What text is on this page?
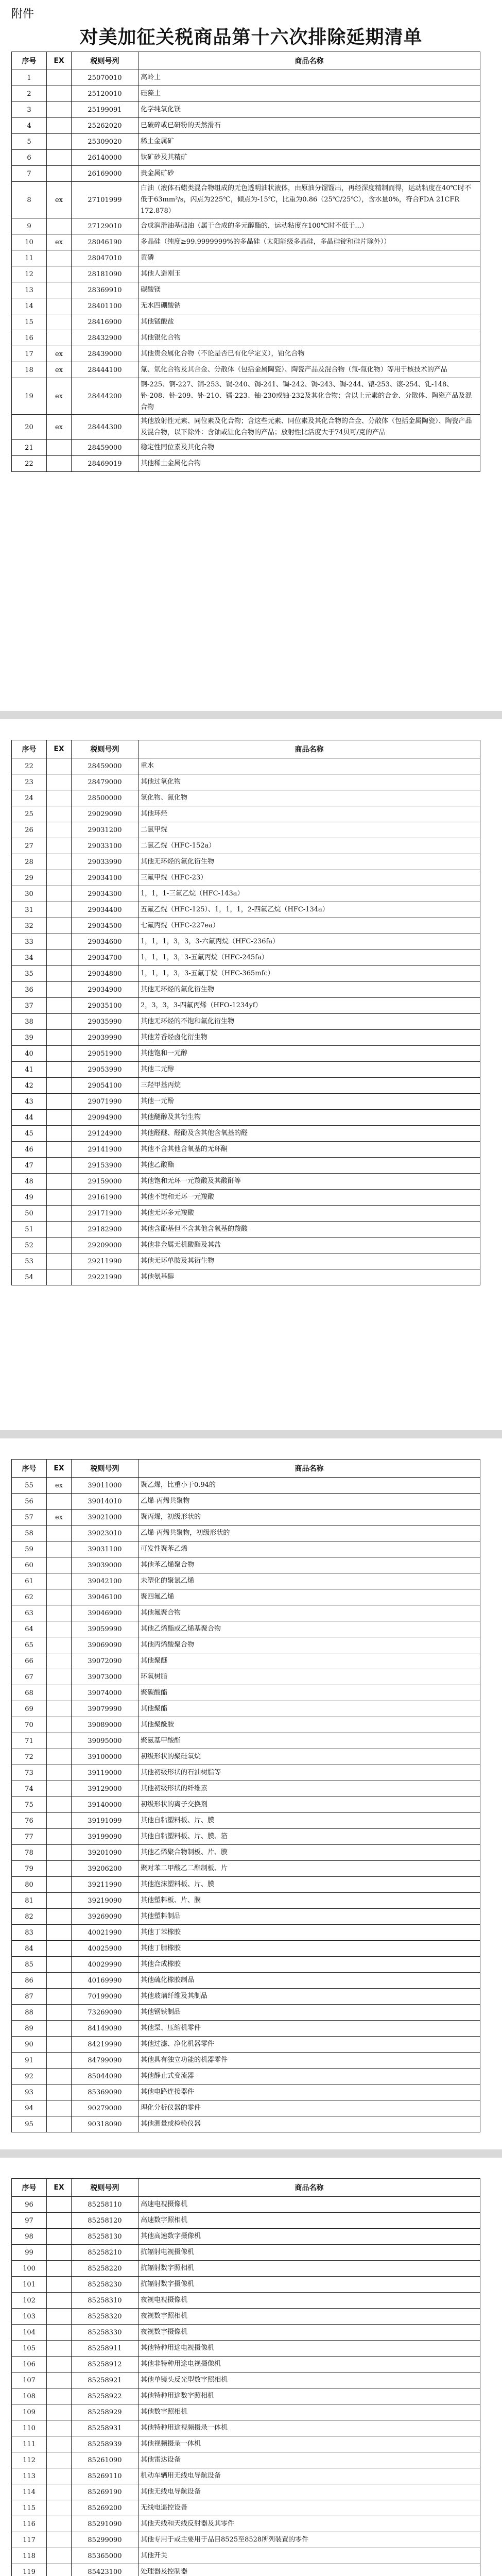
附件
对美加征关税商品第十六次排除延期清单
序号	EX	税则号列	商品名称
1		25070010	高岭土
2		25120010	硅藻土
3		25199091	化学纯氧化镁
4		25262020	已破碎或已研粉的天然滑石
5		25309020	稀土金属矿
6		26140000	钛矿砂及其精矿
7		26169000	贵金属矿砂
8	ex	27101999	白油（液体石蜡类混合物组成的无色透明油状液体，由原油分馏馏出，再经深度精制而得，运动粘度在40℃时不低于63mm²/s，闪点为225℃，倾点为-15℃，比重为0.86（25℃/25℃），含水量0%，符合FDA 21CFR 172.878）
9		27129010	合成润滑油基础油（属于合成的多元醇酯的，运动粘度在100℃时不低于...）
10	ex	28046190	多晶硅（纯度≥99.9999999%的多晶硅（太阳能级多晶硅，多晶硅锭和硅片除外））
11		28047010	黄磷
12		28181090	其他人造刚玉
13		28369910	碳酸镁
14		28401100	无水四硼酸钠
15		28416900	其他锰酸盐
16		28432900	其他银化合物
17	ex	28439000	其他贵金属化合物（不论是否已有化学定义），铂化合物
18	ex	28444100	氚、氚化合物及其合金、分散体（包括金属陶瓷）、陶瓷产品及混合物（氚-氚化物）等用于核技术的产品
19	ex	28444200	锕-225、锕-227、锎-253、锔-240、锔-241、锔-242、锔-243、锔-244、锿-253、锿-254、钆-148、钋-208、钋-209、钋-210、镭-223、铀-230或铀-232及其化合物；含以上元素的合金、分散体、陶瓷产品及混合物
20	ex	28444300	其他放射性元素、同位素及化合物；含这些元素、同位素及其化合物的合金、分散体（包括金属陶瓷）、陶瓷产品及混合物，以下除外：含铀或钍化合物的产品；放射性比活度大于74贝可/克的产品
21		28459000	稳定性同位素及其化合物
22		28469019	其他稀土金属化合物
序号	EX	税则号列	商品名称
22		28459000	重水
23		28479000	其他过氧化物
24		28500000	氢化物、氮化物
25		29029090	其他环烃
26		29031200	二氯甲烷
27		29033100	二氯乙烷（HFC-152a）
28		29033990	其他无环烃的氟化衍生物
29		29034100	三氟甲烷（HFC-23）
30		29034300	1，1，1-三氟乙烷（HFC-143a）
31		29034400	五氟乙烷（HFC-125）、1，1，1，2-四氟乙烷（HFC-134a）
32		29034500	七氟丙烷（HFC-227ea）
33		29034600	1，1，1，3，3，3-六氟丙烷（HFC-236fa）
34		29034700	1，1，1，3，3-五氟丙烷（HFC-245fa）
35		29034800	1，1，1，3，3-五氟丁烷（HFC-365mfc）
36		29034900	其他无环烃的氟化衍生物
37		29035100	2，3，3，3-四氟丙烯（HFO-1234yf）
38		29035990	其他无环烃的不饱和氟化衍生物
39		29039990	其他芳香烃卤化衍生物
40		29051900	其他饱和一元醇
41		29053990	其他二元醇
42		29054100	三羟甲基丙烷
43		29071990	其他一元酚
44		29094900	其他醚醇及其衍生物
45		29124900	其他醛醚、醛酚及含其他含氧基的醛
46		29141900	其他不含其他含氧基的无环酮
47		29153900	其他乙酸酯
48		29159000	其他饱和无环一元羧酸及其酸酐等
49		29161900	其他不饱和无环一元羧酸
50		29171900	其他无环多元羧酸
51		29182900	其他含酚基但不含其他含氧基的羧酸
52		29209000	其他非金属无机酸酯及其盐
53		29211990	其他无环单胺及其衍生物
54		29221990	其他氨基醇
序号	EX	税则号列	商品名称
55	ex	39011000	聚乙烯，比重小于0.94的
56		39014010	乙烯-丙烯共聚物
57	ex	39021000	聚丙烯，初级形状的
58		39023010	乙烯-丙烯共聚物，初级形状的
59		39031100	可发性聚苯乙烯
60		39039000	其他苯乙烯聚合物
61		39042100	未塑化的聚氯乙烯
62		39046100	聚四氟乙烯
63		39046900	其他氟聚合物
64		39059990	其他乙烯酯或乙烯基聚合物
65		39069090	其他丙烯酸聚合物
66		39072090	其他聚醚
67		39073000	环氧树脂
68		39074000	聚碳酸酯
69		39079990	其他聚酯
70		39089000	其他聚酰胺
71		39095000	聚氨基甲酸酯
72		39100000	初级形状的聚硅氧烷
73		39119000	其他初级形状的石油树脂等
74		39129000	其他初级形状的纤维素
75		39140000	初级形状的离子交换剂
76		39191099	其他自粘塑料板、片、膜
77		39199090	其他自粘塑料板、片、膜、箔
78		39201090	其他乙烯聚合物制板、片、膜
79		39206200	聚对苯二甲酸乙二酯制板、片
80		39211990	其他泡沫塑料板、片、膜
81		39219090	其他塑料板、片、膜
82		39269090	其他塑料制品
83		40021990	其他丁苯橡胶
84		40025900	其他丁腈橡胶
85		40029990	其他合成橡胶
86		40169990	其他硫化橡胶制品
87		70199090	其他玻璃纤维及其制品
88		73269090	其他钢铁制品
89		84149090	其他泵、压缩机零件
90		84219990	其他过滤、净化机器零件
91		84799090	其他具有独立功能的机器零件
92		85044090	其他静止式变流器
93		85369090	其他电路连接器件
94		90279000	理化分析仪器的零件
95		90318090	其他测量或检验仪器
序号	EX	税则号列	商品名称
96		85258110	高速电视摄像机
97		85258120	高速数字照相机
98		85258130	其他高速数字摄像机
99		85258210	抗辐射电视摄像机
100		85258220	抗辐射数字照相机
101		85258230	抗辐射数字摄像机
102		85258310	夜视电视摄像机
103		85258320	夜视数字照相机
104		85258330	夜视数字摄像机
105		85258911	其他特种用途电视摄像机
106		85258912	其他非特种用途电视摄像机
107		85258921	其他单镜头反光型数字照相机
108		85258922	其他特种用途数字照相机
109		85258929	其他数字照相机
110		85258931	其他特种用途视频摄录一体机
111		85258939	其他视频摄录一体机
112		85261090	其他雷达设备
113		85269110	机动车辆用无线电导航设备
114		85269190	其他无线电导航设备
115		85269200	无线电遥控设备
116		85291090	其他天线和天线反射器及其零件
117		85299090	其他专用于或主要用于品目8525至8528所列装置的零件
118		85365000	其他开关
119		85423100	处理器及控制器
